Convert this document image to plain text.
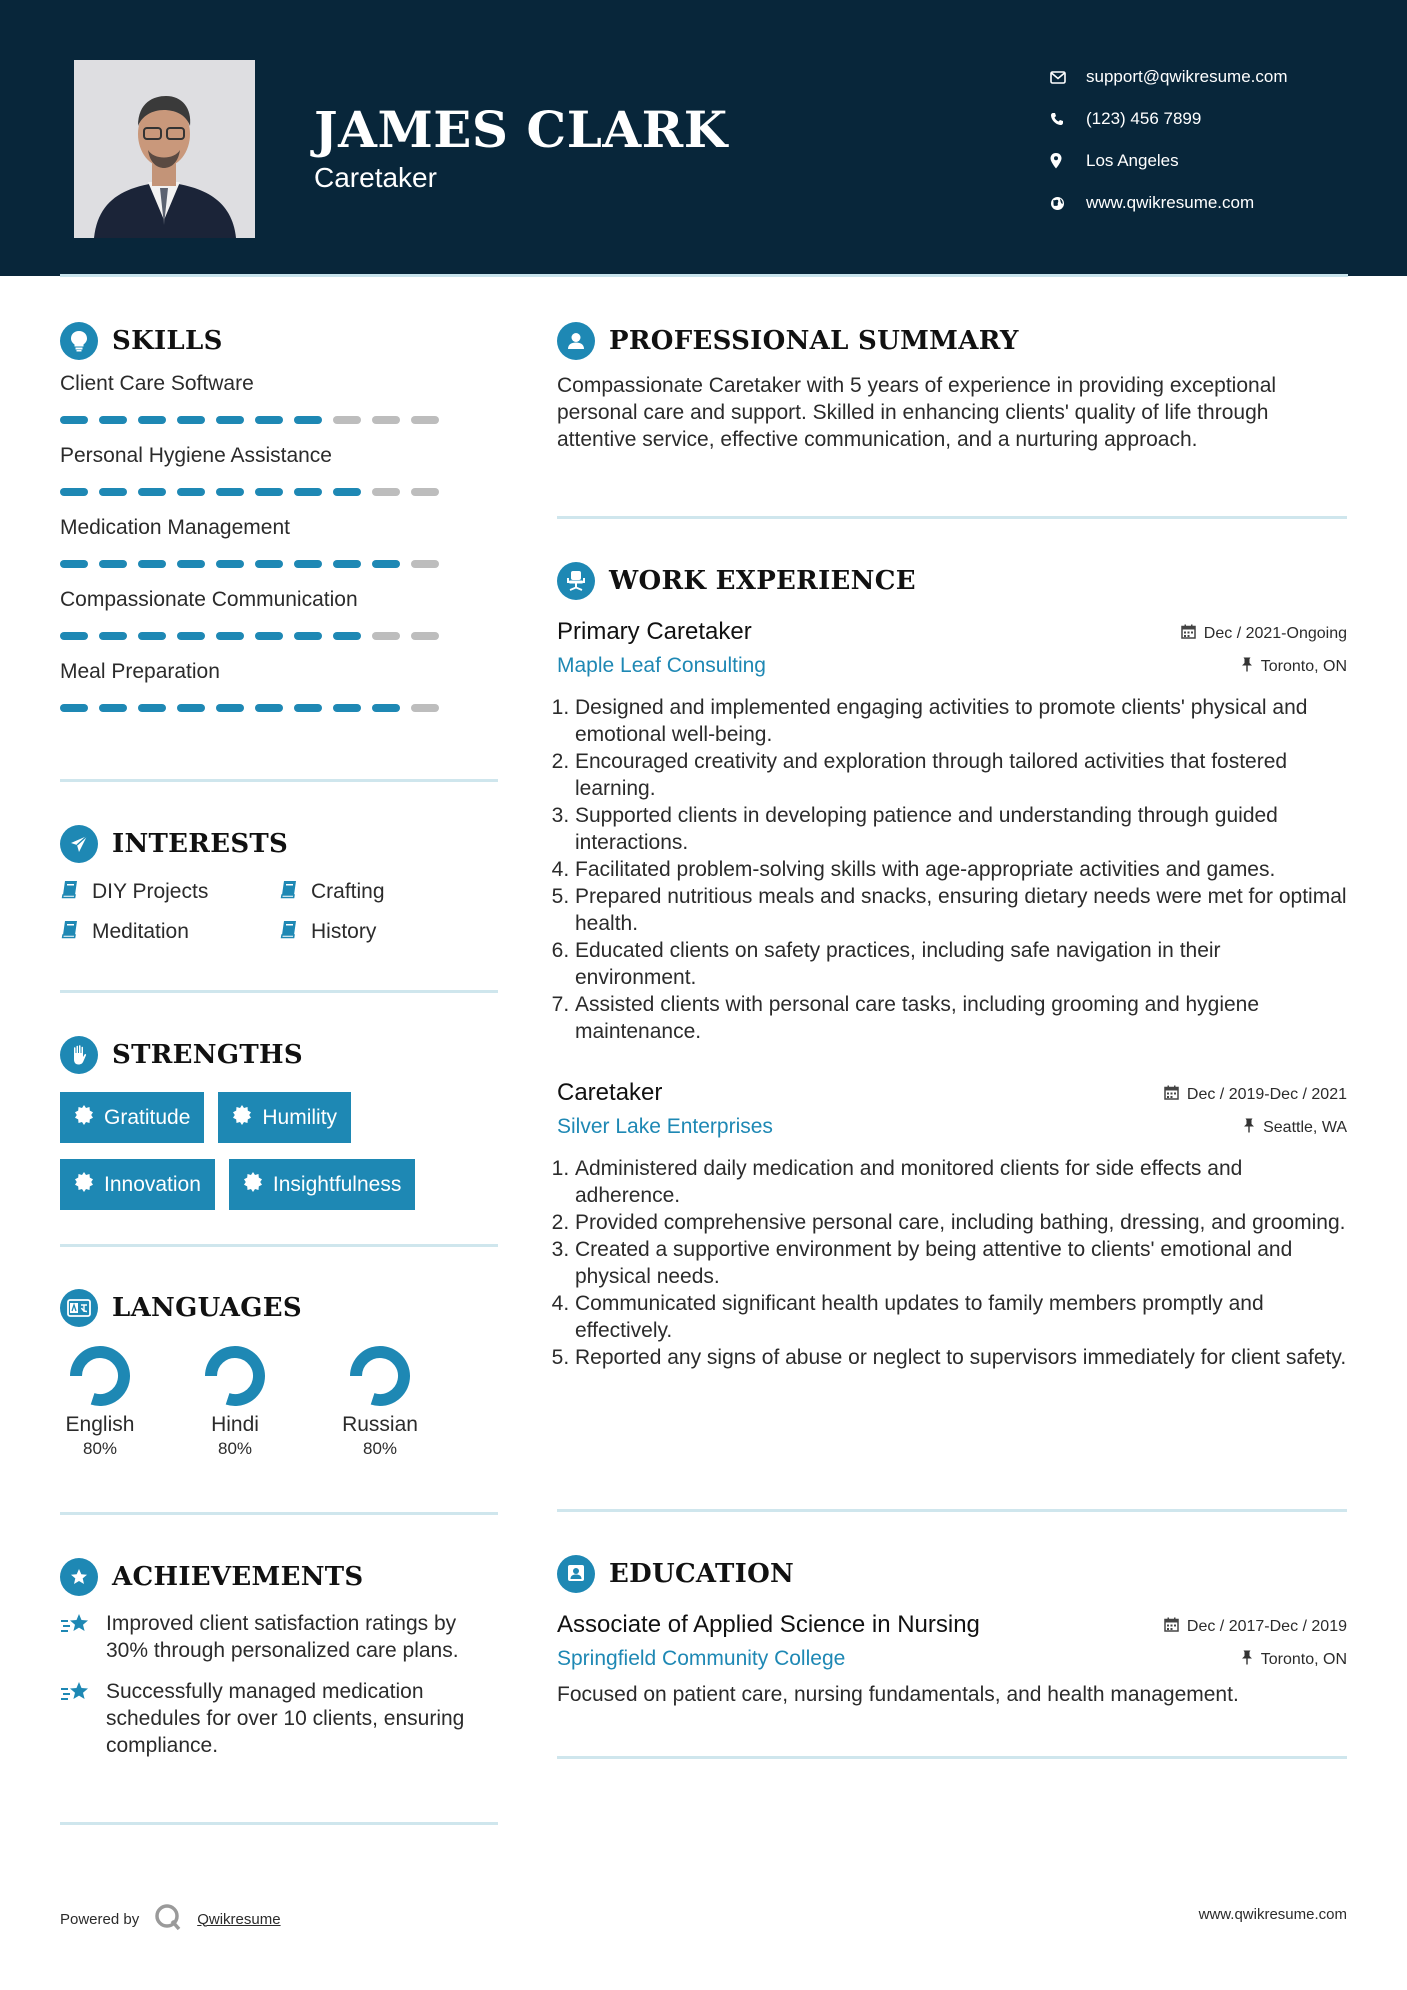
JAMES CLARK
Caretaker
support@qwikresume.com
(123) 456 7899
Los Angeles
www.qwikresume.com
SKILLS
Client Care Software
Personal Hygiene Assistance
Medication Management
Compassionate Communication
Meal Preparation
INTERESTS
DIY Projects	Crafting
Meditation	History
STRENGTHS
Gratitude	Humility
Innovation	Insightfulness
LANGUAGES
English
80%
Hindi
80%
Russian
80%
ACHIEVEMENTS
Improved client satisfaction ratings by 30% through personalized care plans.
Successfully managed medication schedules for over 10 clients, ensuring compliance.
PROFESSIONAL SUMMARY

Compassionate Caretaker with 5 years of experience in providing exceptional personal care and support. Skilled in enhancing clients' quality of life through attentive service, effective communication, and a nurturing approach.

WORK EXPERIENCE
Primary Caretaker	Dec / 2021-Ongoing
Maple Leaf Consulting	Toronto, ON
1. Designed and implemented engaging activities to promote clients' physical and emotional well-being.
2. Encouraged creativity and exploration through tailored activities that fostered learning.
3. Supported clients in developing patience and understanding through guided interactions.
4. Facilitated problem-solving skills with age-appropriate activities and games.
5. Prepared nutritious meals and snacks, ensuring dietary needs were met for optimal health.
6. Educated clients on safety practices, including safe navigation in their environment.
7. Assisted clients with personal care tasks, including grooming and hygiene maintenance.
Caretaker	Dec / 2019-Dec / 2021
Silver Lake Enterprises	Seattle, WA
1. Administered daily medication and monitored clients for side effects and adherence.
2. Provided comprehensive personal care, including bathing, dressing, and grooming.
3. Created a supportive environment by being attentive to clients' emotional and physical needs.
4. Communicated significant health updates to family members promptly and effectively.
5. Reported any signs of abuse or neglect to supervisors immediately for client safety.
EDUCATION
Associate of Applied Science in Nursing	Dec / 2017-Dec / 2019
Springfield Community College	Toronto, ON

Focused on patient care, nursing fundamentals, and health management.

Powered by	Qwikresume	www.qwikresume.com
